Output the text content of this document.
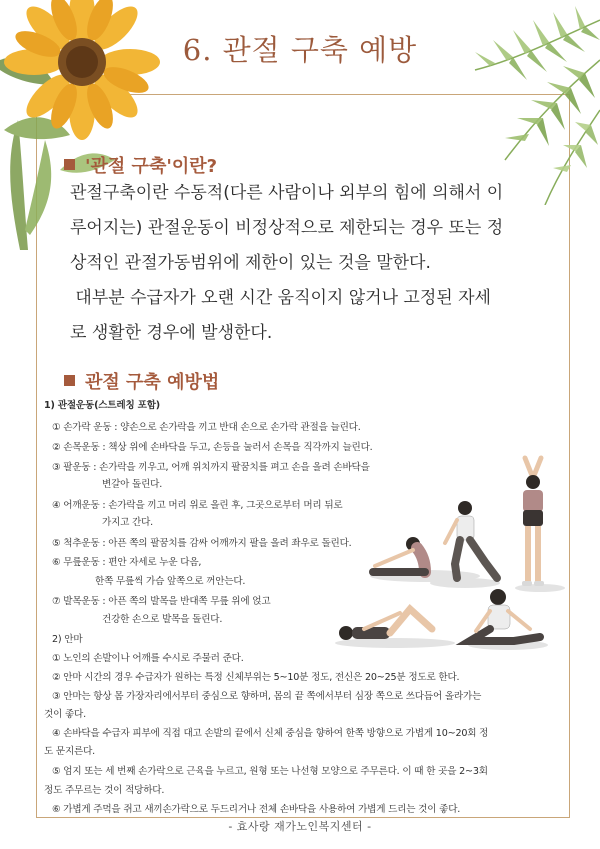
6. 관절 구축 예방
'관절 구축'이란?
관절구축이란 수동적(다른 사람이나 외부의 힘에 의해서 이
루어지는) 관절운동이 비정상적으로 제한되는 경우 또는 정
상적인 관절가동범위에 제한이 있는 것을 말한다.
대부분 수급자가 오랜 시간 움직이지 않거나 고정된 자세
로 생활한 경우에 발생한다.
관절 구축 예방법
1) 관절운동(스트레칭 포함)
① 손가락 운동 : 양손으로 손가락을 끼고 반대 손으로 손가락 관절을 늘린다.
② 손목운동 : 책상 위에 손바닥을 두고, 손등을 눌러서 손목을 직각까지 늘린다.
③ 팔운동 : 손가락을 끼우고, 어깨 위치까지 팔꿈치를 펴고 손을 올려 손바닥을
변갈아 돌린다.
④ 어깨운동 : 손가락을 끼고 머리 위로 올린 후, 그곳으로부터 머리 뒤로
가지고 간다.
⑤ 척추운동 : 아픈 쪽의 팔꿈치를 감싸 어깨까지 팔을 올려 좌우로 돌린다.
⑥ 무릎운동 : 편안 자세로 누운 다음,
한쪽 무릎씩 가슴 앞쪽으로 꺼안는다.
⑦ 발목운동 : 아픈 쪽의 발목을 반대쪽 무릎 위에 얹고
건강한 손으로 발목을 돌린다.
2) 안마
① 노인의 손발이나 어깨를 수시로 주물러 준다.
② 안마 시간의 경우 수급자가 원하는 특정 신체부위는 5~10분 정도, 전신은 20~25분 정도로 한다.
③ 안마는 항상 몸 가장자리에서부터 중심으로 향하며, 몸의 끝 쪽에서부터 심장 쪽으로 쓰다듬어 올라가는
것이 좋다.
④ 손바닥을 수급자 피부에 직접 대고 손발의 끝에서 신체 중심을 향하여 한쪽 방향으로 가볍게 10~20회 정
도 문지른다.
⑤ 엄지 또는 세 번째 손가락으로 근육을 누르고, 원형 또는 나선형 모양으로 주무른다. 이 때 한 곳을 2~3회
정도 주무르는 것이 적당하다.
⑥ 가볍게 주먹을 쥐고 새끼손가락으로 두드리거나 전체 손바닥을 사용하여 가볍게 드리는 것이 좋다.
- 효사랑 재가노인복지센터 -
